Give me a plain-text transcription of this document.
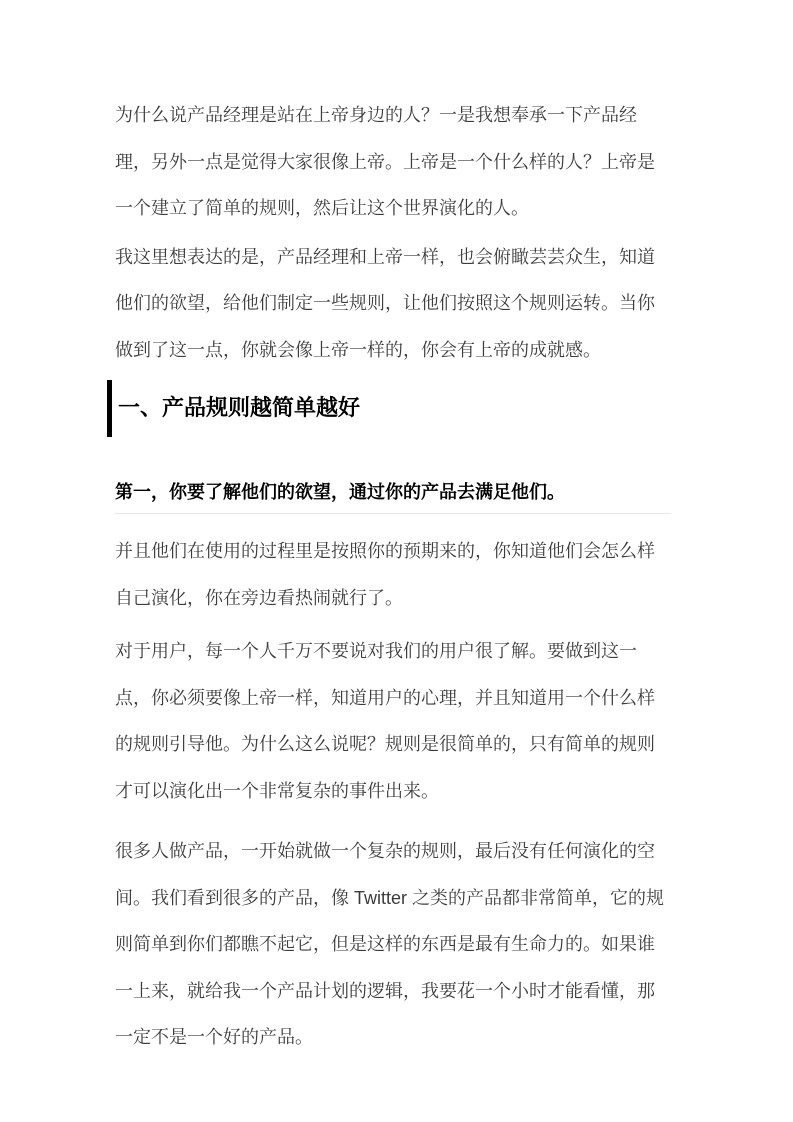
为什么说产品经理是站在上帝身边的人？一是我想奉承一下产品经理，另外一点是觉得大家很像上帝。上帝是一个什么样的人？上帝是一个建立了简单的规则，然后让这个世界演化的人。

我这里想表达的是，产品经理和上帝一样，也会俯瞰芸芸众生，知道他们的欲望，给他们制定一些规则，让他们按照这个规则运转。当你做到了这一点，你就会像上帝一样的，你会有上帝的成就感。

一、产品规则越简单越好
第一，你要了解他们的欲望，通过你的产品去满足他们。

并且他们在使用的过程里是按照你的预期来的，你知道他们会怎么样自己演化，你在旁边看热闹就行了。

对于用户，每一个人千万不要说对我们的用户很了解。要做到这一点，你必须要像上帝一样，知道用户的心理，并且知道用一个什么样的规则引导他。为什么这么说呢？规则是很简单的，只有简单的规则才可以演化出一个非常复杂的事件出来。

很多人做产品，一开始就做一个复杂的规则，最后没有任何演化的空间。我们看到很多的产品，像 Twitter 之类的产品都非常简单，它的规则简单到你们都瞧不起它，但是这样的东西是最有生命力的。如果谁一上来，就给我一个产品计划的逻辑，我要花一个小时才能看懂，那一定不是一个好的产品。
